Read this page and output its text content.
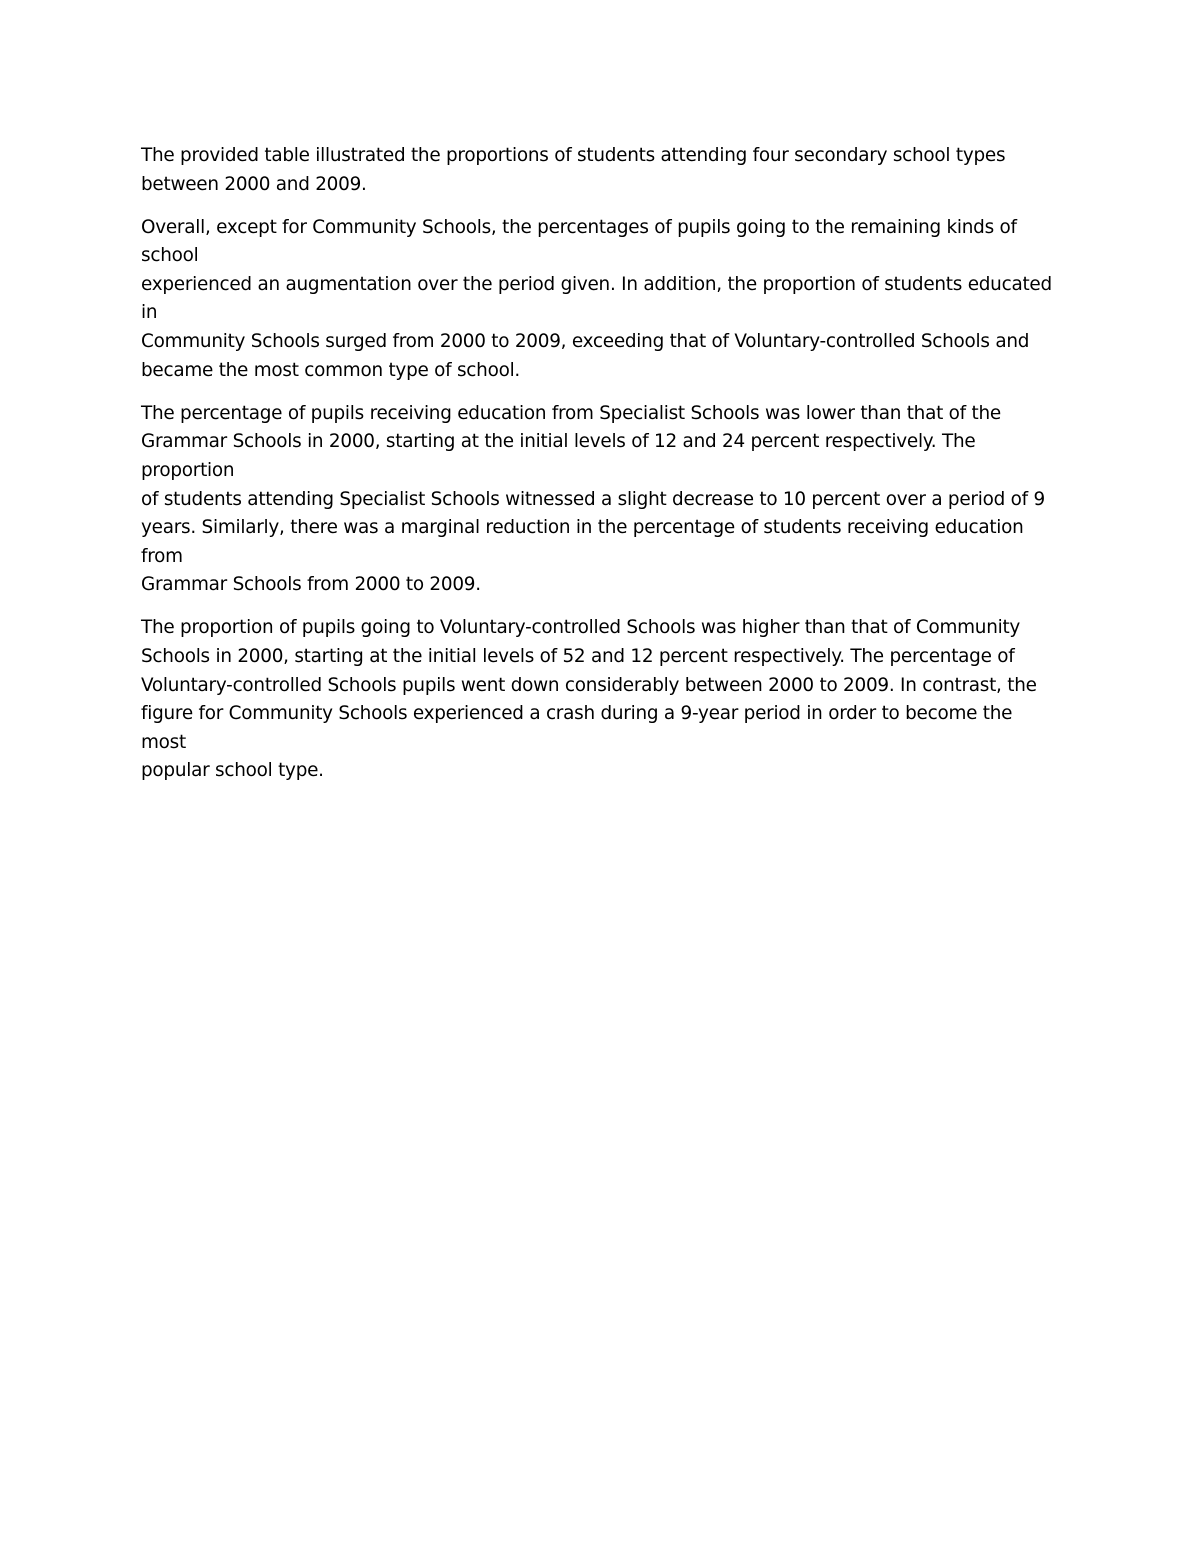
The provided table illustrated the proportions of students attending four secondary school types
between 2000 and 2009.

Overall, except for Community Schools, the percentages of pupils going to the remaining kinds of school
experienced an augmentation over the period given. In addition, the proportion of students educated in
Community Schools surged from 2000 to 2009, exceeding that of Voluntary-controlled Schools and
became the most common type of school.

The percentage of pupils receiving education from Specialist Schools was lower than that of the
Grammar Schools in 2000, starting at the initial levels of 12 and 24 percent respectively. The proportion
of students attending Specialist Schools witnessed a slight decrease to 10 percent over a period of 9
years. Similarly, there was a marginal reduction in the percentage of students receiving education from
Grammar Schools from 2000 to 2009.

The proportion of pupils going to Voluntary-controlled Schools was higher than that of Community
Schools in 2000, starting at the initial levels of 52 and 12 percent respectively. The percentage of
Voluntary-controlled Schools pupils went down considerably between 2000 to 2009. In contrast, the
figure for Community Schools experienced a crash during a 9-year period in order to become the most
popular school type.
